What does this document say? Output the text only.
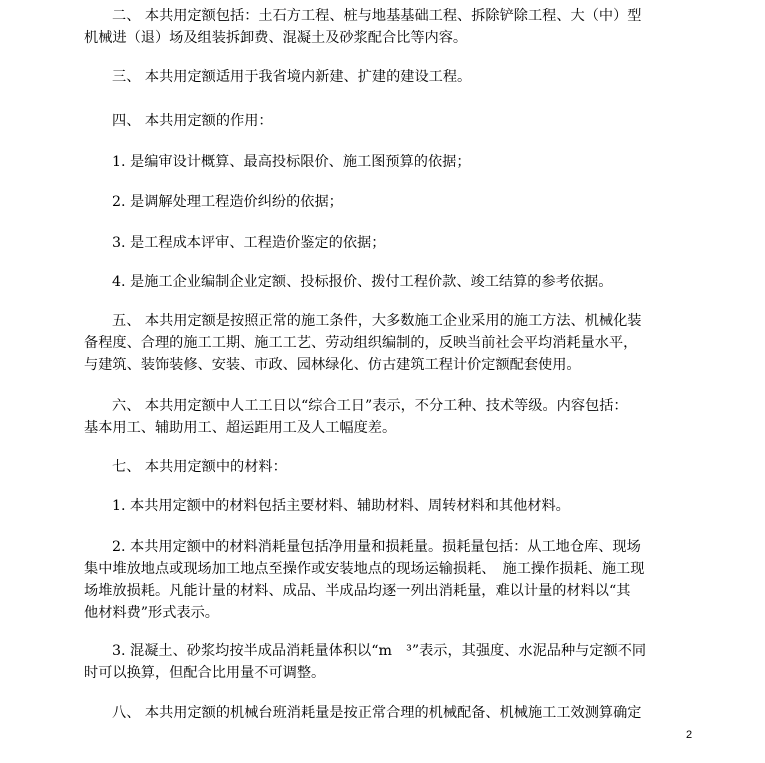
二、 本共用定额包括：土石方工程、桩与地基基础工程、拆除铲除工程、大（中）型
机械进（退）场及组装拆卸费、混凝土及砂浆配合比等内容。

三、 本共用定额适用于我省境内新建、扩建的建设工程。

四、 本共用定额的作用：

1. 是编审设计概算、最高投标限价、施工图预算的依据；

2. 是调解处理工程造价纠纷的依据；

3. 是工程成本评审、工程造价鉴定的依据；

4. 是施工企业编制企业定额、投标报价、拨付工程价款、竣工结算的参考依据。

五、 本共用定额是按照正常的施工条件，大多数施工企业采用的施工方法、机械化装
备程度、合理的施工工期、施工工艺、劳动组织编制的，反映当前社会平均消耗量水平，
与建筑、装饰装修、安装、市政、园林绿化、仿古建筑工程计价定额配套使用。

六、 本共用定额中人工工日以“综合工日”表示，不分工种、技术等级。内容包括：
基本用工、辅助用工、超运距用工及人工幅度差。

七、 本共用定额中的材料：

1. 本共用定额中的材料包括主要材料、辅助材料、周转材料和其他材料。

2. 本共用定额中的材料消耗量包括净用量和损耗量。损耗量包括：从工地仓库、现场
集中堆放地点或现场加工地点至操作或安装地点的现场运输损耗、　施工操作损耗、施工现
场堆放损耗。凡能计量的材料、成品、半成品均逐一列出消耗量，难以计量的材料以“其
他材料费”形式表示。

3. 混凝土、砂浆均按半成品消耗量体积以“m　³”表示，其强度、水泥品种与定额不同
时可以换算，但配合比用量不可调整。

八、 本共用定额的机械台班消耗量是按正常合理的机械配备、机械施工工效测算确定

2
